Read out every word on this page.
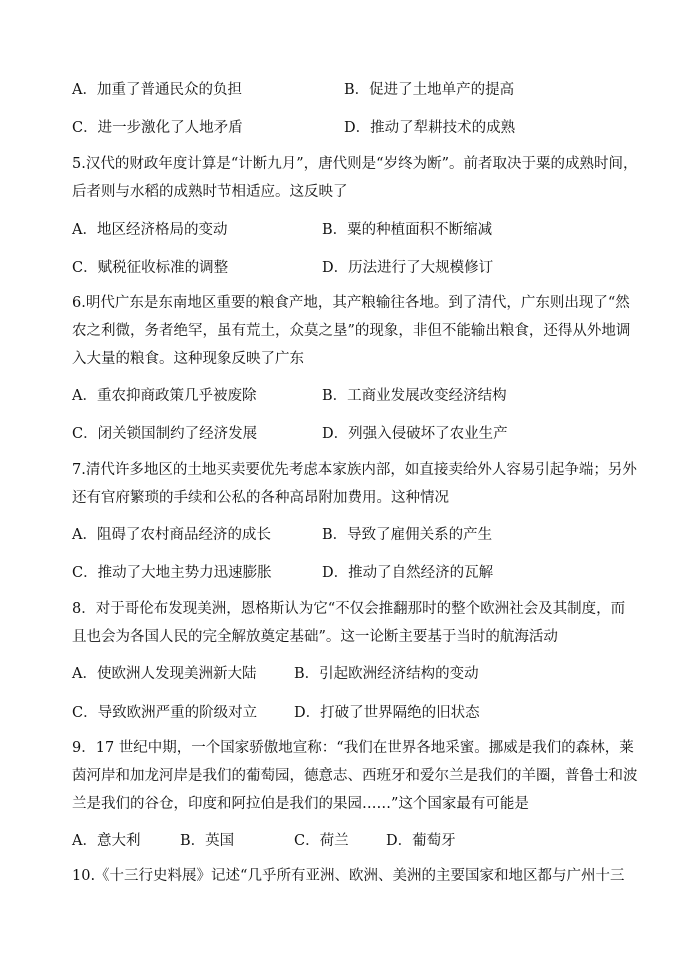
A．加重了普通民众的负担	B．促进了土地单产的提高
C．进一步激化了人地矛盾	D．推动了犁耕技术的成熟
5.汉代的财政年度计算是“计断九月”，唐代则是“岁终为断”。前者取决于粟的成熟时间，
后者则与水稻的成熟时节相适应。这反映了
A．地区经济格局的变动	B．粟的种植面积不断缩减
C．赋税征收标准的调整	D．历法进行了大规模修订
6.明代广东是东南地区重要的粮食产地，其产粮输往各地。到了清代，广东则出现了“然
农之利微，务者绝罕，虽有荒土，众莫之垦”的现象，非但不能输出粮食，还得从外地调
入大量的粮食。这种现象反映了广东
A．重农抑商政策几乎被废除	B．工商业发展改变经济结构
C．闭关锁国制约了经济发展	D．列强入侵破坏了农业生产
7.清代许多地区的土地买卖要优先考虑本家族内部，如直接卖给外人容易引起争端；另外
还有官府繁琐的手续和公私的各种高昂附加费用。这种情况
A．阻碍了农村商品经济的成长	B．导致了雇佣关系的产生
C．推动了大地主势力迅速膨胀	D．推动了自然经济的瓦解
8．对于哥伦布发现美洲，恩格斯认为它“不仅会推翻那时的整个欧洲社会及其制度，而
且也会为各国人民的完全解放奠定基础”。这一论断主要基于当时的航海活动
A．使欧洲人发现美洲新大陆	B．引起欧洲经济结构的变动
C．导致欧洲严重的阶级对立	D．打破了世界隔绝的旧状态
9．17 世纪中期，一个国家骄傲地宣称：“我们在世界各地采蜜。挪威是我们的森林，莱
茵河岸和加龙河岸是我们的葡萄园，德意志、西班牙和爱尔兰是我们的羊圈，普鲁士和波
兰是我们的谷仓，印度和阿拉伯是我们的果园……”这个国家最有可能是
A．意大利	B．英国	C．荷兰	D．葡萄牙
10.《十三行史料展》记述“几乎所有亚洲、欧洲、美洲的主要国家和地区都与广州十三
